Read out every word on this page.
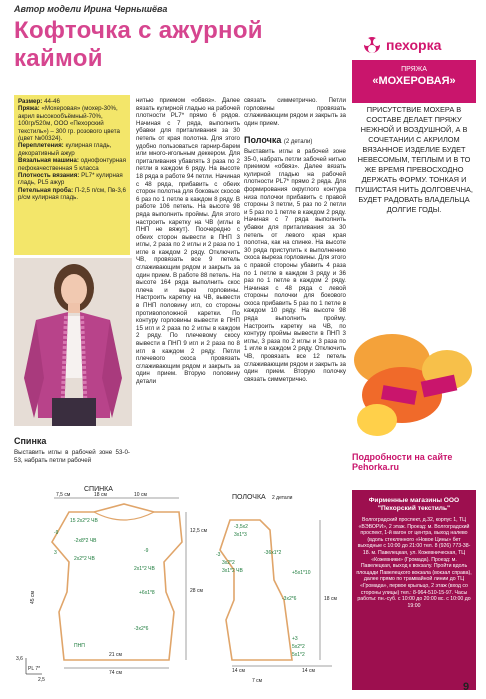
Автор модели Ирина Чернышёва
Кофточка с ажурной каймой
Размер: 44-46
Пряжа: «Мохеровая» (мохер-30%, акрил высокообъёмный-70%, 100гр/520м, ООО «Пехорский текстиль») – 300 гр. розового цвета (цвет №00324).
Переплетения: кулирная гладь, декоративный ажур
Вязальная машина: однофонтурная пефокачественная 5 класса
Плотность вязания: PL7* кулирная гладь, PL5 ажур
Петельная проба: П-2,5 п/см, Пв-3,6 р/см кулирная гладь.
Спинка
Выставить иглы в рабочей зоне 53-0-53, набрать петли рабочей
нитью приемом «обвяз». Далее вязать кулирной гладью на рабочей плотности PL7* прямо 6 рядов. Начиная с 7 ряда, выполнить убавки для приталивания за 30 петель от края полотна. Для этого удобно пользоваться гарнир-барем или много-игольным деккером. Для приталивания убавлять 3 раза по 2 петли в каждом 6 ряду. На высоте 18 ряда в работе 94 петли. Начиная с 48 ряда, прибавить с обеих сторон полотна для боковых скосов 6 раз по 1 петле в каждом 8 ряду. В работе 106 петель. На высоте 98 ряда выполнить проймы. Для этого настроить каретку на ЧВ (иглы в ПНП не вяжут). Поочередно с обеих сторон вывести в ПНП 3 иглы, 2 раза по 2 иглы и 2 раза по 1 игле в каждом 2 ряду. Отключить ЧВ, провязать все 9 петель сглаживающим рядом и закрыть за один прием. В работе 88 петель. На высоте 164 ряда выполнить скос плеча и вырез горловины. Настроить каретку на ЧВ, вывести в ПНП половину игл, со стороны противоположной каретки. По контуру горловины вывести в ПНП 15 игл и 2 раза по 2 иглы в каждом 2 ряду. По плечевому скосу вывести в ПНП 9 игл и 2 раза по 8 игл в каждом 2 ряду. Петли плечевого скоса провязать сглаживающим рядом и закрыть за один прием. Вторую половину детали
связать симметрично. Петли горловины провязать сглаживающим рядом и закрыть за один прием.
Полочка (2 детали)
Выставить иглы в рабочей зоне 35-0, набрать петли забочей нитью приемом «обвяз». Далее вязать кулирной гладью на рабочей плотности PL7* прямо 2 ряда. Для формирования округлого контура низа полочки прибавить с правой стороны 3 петли, 5 раз по 2 петли и 5 раз по 1 петле в каждом 2 ряду. Начиная с 7 ряда выполнить убавки для приталивания за 30 петель от левого края края полотна, как на спинке. На высоте 30 ряда приступить к выполнению скоса выреза горловины. Для этого с правой стороны убавить 4 раза по 1 петле в каждом 3 ряду и 36 раз по 1 петле в каждом 2 ряду. Начиная с 48 ряда с левой стороны полочки для бокового скоса прибавить 5 раз по 1 петле в каждом 10 ряду. На высоте 98 ряда выполнить пройму. Настроить каретку на ЧВ, по контуру проймы вывести в ПНП 3 иглы, 3 раза по 2 иглы и 3 раза по 1 игле в каждом 2 ряду. Отключить ЧВ, провязать все 12 петель сглаживающим рядом и закрыть за один прием. Вторую полочку связать симметрично.
СПИНКА
7,5 см	18 см	10 см
15 2x2*2 ЧВ
-9
-2x8*2 ЧВ
3
2x2*2 ЧВ
-9
2x1*2 ЧВ
+6x1*8
-3x2*6
45 см
12,5 см
28 см
21 см
74 см
ПНП
3,6
PL 7*
2,5
ПОЛОЧКА 2 детали
-3,5x2
3x1*3
-36x1*2
-3
3x2*2
3x1*2 ЧВ	+5x1*10
-3x2*6
+3
5x2*2
5x1*2
14 см	14 см
7 см
18 см
пехорка
ПРЯЖА
«МОХЕРОВАЯ»
ПРИСУТСТВИЕ МОХЕРА В СОСТАВЕ ДЕЛАЕТ ПРЯЖУ НЕЖНОЙ И ВОЗДУШНОЙ, А В СОЧЕТАНИИ С АКРИЛОМ ВЯЗАННОЕ ИЗДЕЛИЕ БУДЕТ НЕВЕСОМЫМ, ТЕПЛЫМ И В ТО ЖЕ ВРЕМЯ ПРЕВОСХОДНО ДЕРЖАТЬ ФОРМУ. ТОНКАЯ И ПУШИСТАЯ НИТЬ ДОЛГОВЕЧНА, БУДЕТ РАДОВАТЬ ВЛАДЕЛЬЦА ДОЛГИЕ ГОДЫ.
Подробности на сайте Pehorka.ru
Фирменные магазины ООО "Пехорский текстиль"
Волгоградский проспект, д.32, корпус 1, ТЦ «ВЭВОРИ», 2 этаж. Проезд: м. Волгоградский проспект, 1-й вагон от центра, выход налево (вдоль стеклянного «Новое Цины» бет выходные с 10:00 до 21:00 тел. 8 (926) 773-38-18. м. Павелецкая, ул. Кожевническая, ТЦ «Кожевники» (Громада). Проезд: м. Павелецкая, выход к вокзалу. Пройти вдоль площади Павелецкого вокзала (вокзал справа), далее прямо по трамвайной линии до ТЦ «Громада», первое крыльцо, 2 этаж (вход со стороны улицы) тел.: 8-964-510-15-97. Часы работы: пн.-суб. с 10:00 до 20:00 вс. с 10:00 до 19:00
9
